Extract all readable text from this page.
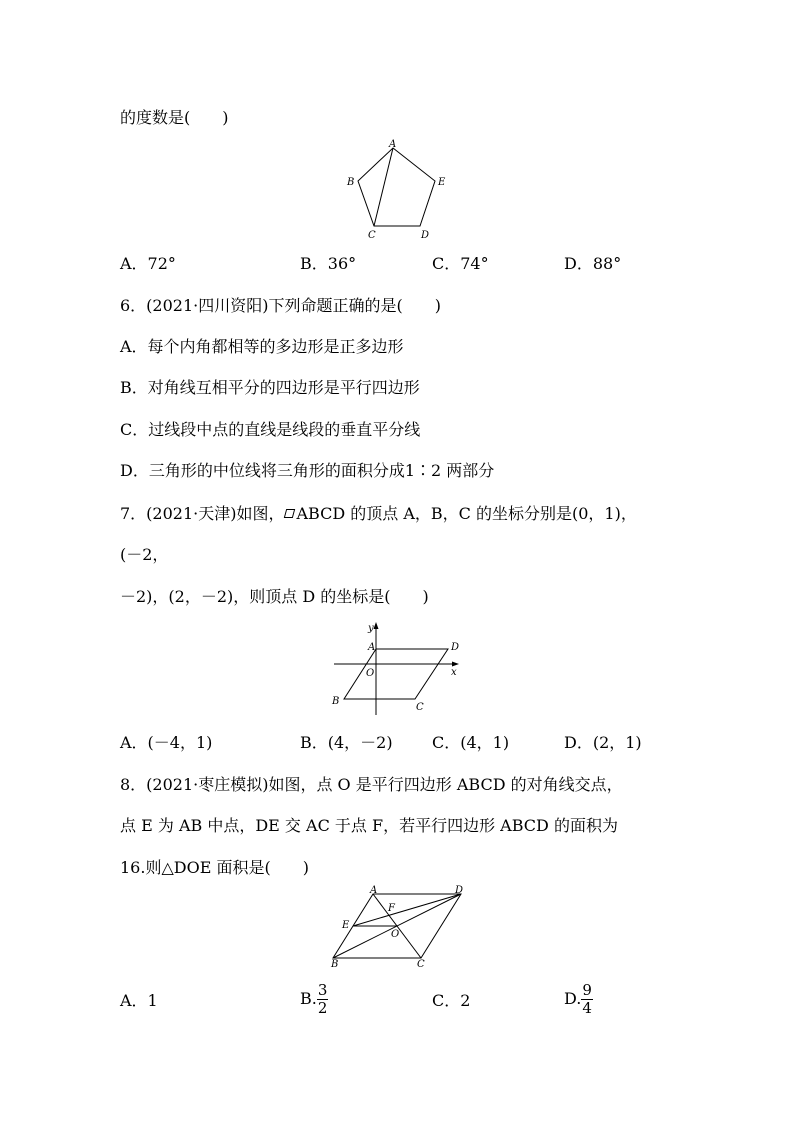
的度数是(　　)
A
B	E
C	D
A．72°	B．36°	C．74°	D．88°
6．(2021·四川资阳)下列命题正确的是(　　)
A．每个内角都相等的多边形是正多边形
B．对角线互相平分的四边形是平行四边形
C．过线段中点的直线是线段的垂直平分线
D．三角形的中位线将三角形的面积分成1∶2 两部分
7．(2021·天津)如图， ABCD 的顶点 A，B，C 的坐标分别是(0，1)，
(－2，
－2)，(2，－2)，则顶点 D 的坐标是(　　)
y
A	D
O	x
B
C
A．(－4，1)	B．(4，－2) C．(4，1)	D．(2，1)
8．(2021·枣庄模拟)如图，点 O 是平行四边形 ABCD 的对角线交点，
点 E 为 AB 中点，DE 交 AC 于点 F，若平行四边形 ABCD 的面积为
16.则△DOE 面积是(　　)
A	D
F
E
O
B	C
A．1	B. $\frac{3}{2}$	C．2	D. $\frac{9}{4}$
